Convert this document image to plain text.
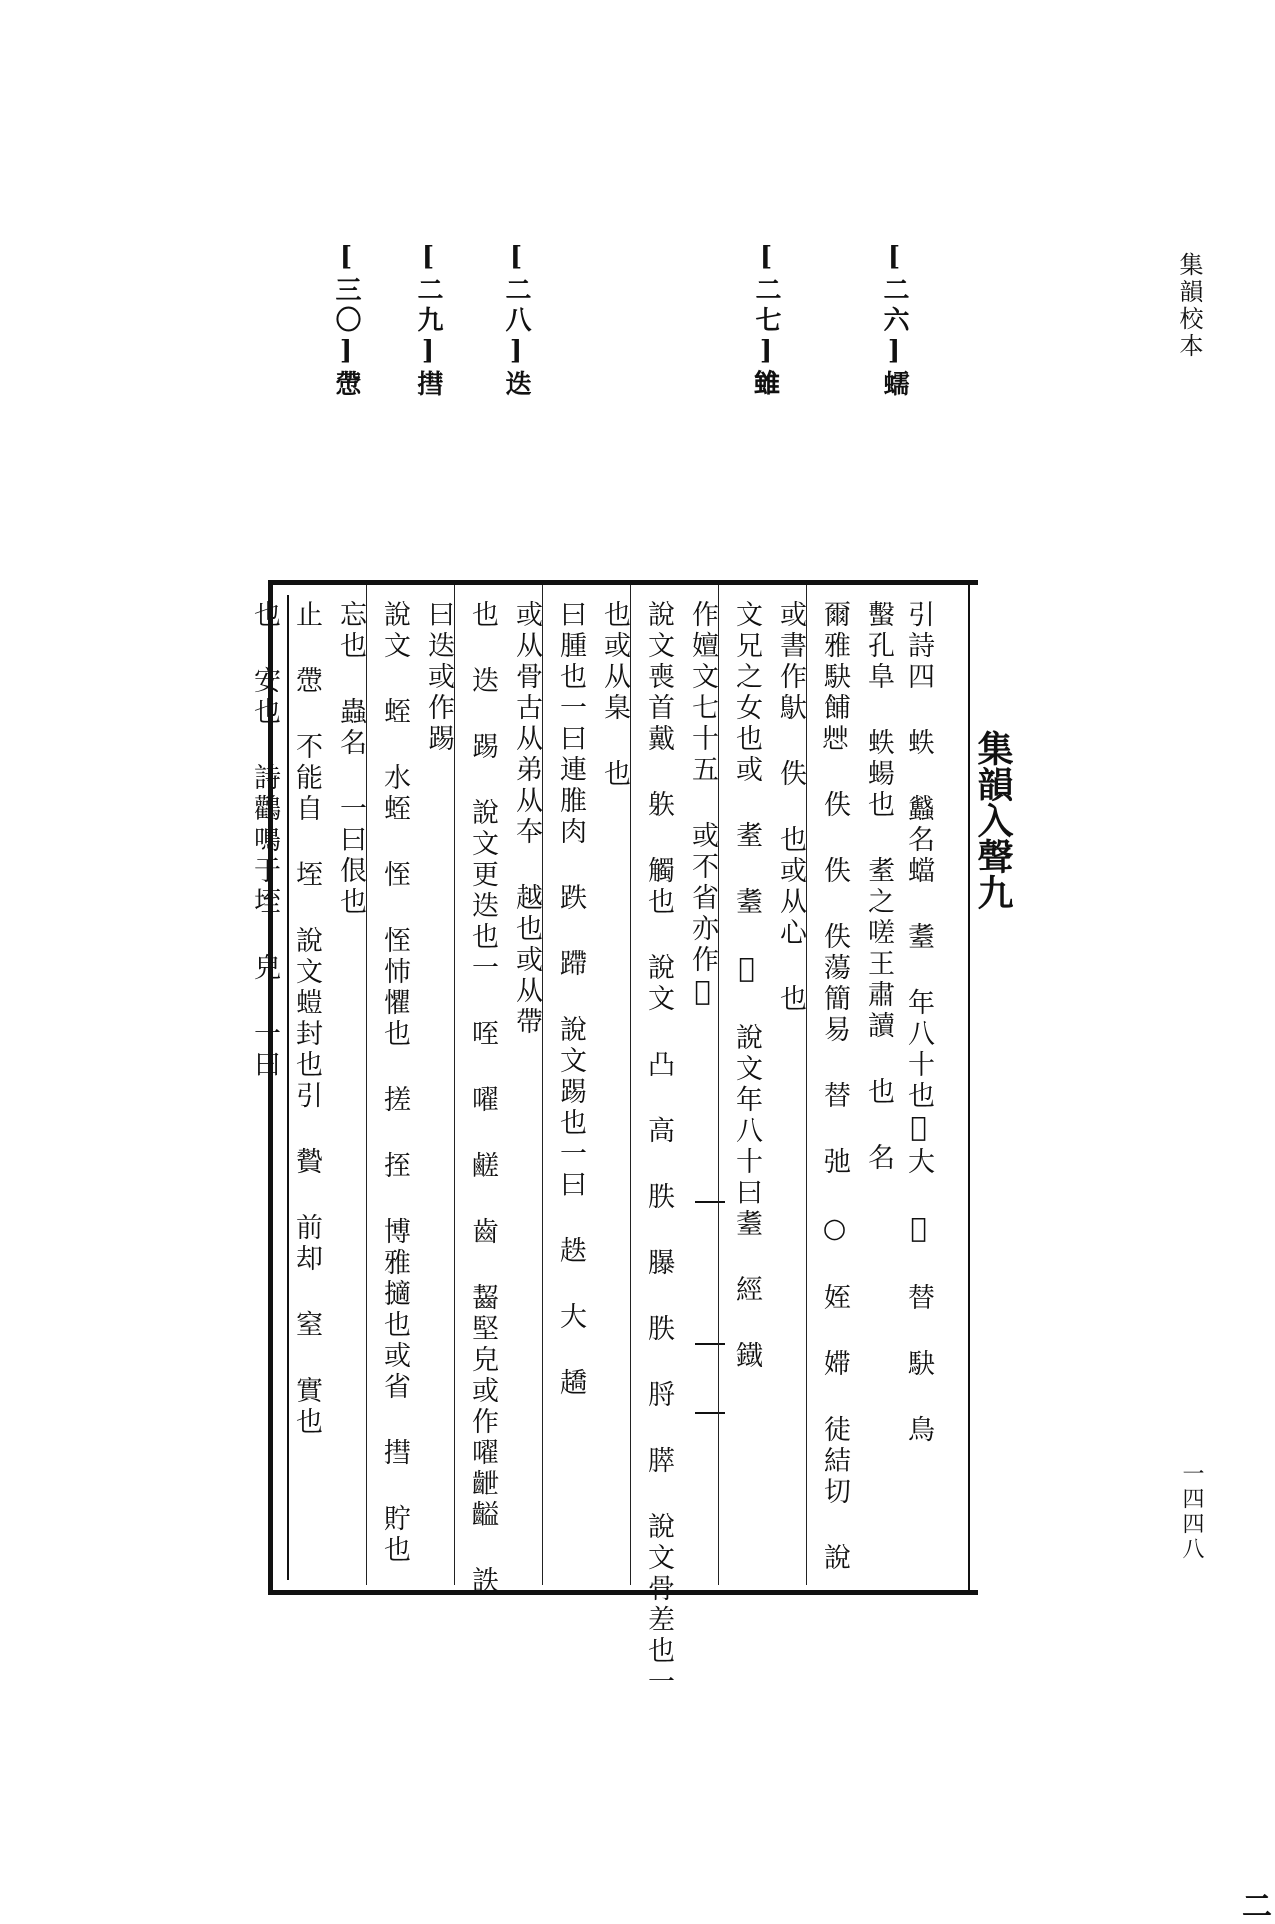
集韻校本
一四四八
[二六]蠕
[二七]𨿽
[二八]迭
[二九]㨹
[三〇]慸
集韻入聲九
二
引詩四 蛈 蠽名蟷 耋 年八十也𠤝大 𢧐 替 駃 鳥
蟿孔阜 蛈蝪也 耊之嗟王肅讀 也 名
爾雅駃餔𢘿 佚 佚 佚蕩簡易 替 弛 ○ 姪 㛿 徒結切 說
或書作䲦 佚 也或从心 也
文兄之女也或 耊 耋 𢧐 說文年八十曰耋 經 鐡
作嬗文七十五 或不省亦作𢧐
說文喪首戴 䠶 觸也 說文 凸 高 胅 𦢊 胅 脟 膵 說文骨差也一
也或从臬 也
曰腫也一曰連脽肉 跌 蹛 說文踢也一曰 趃 大 趫
或从骨古从弟从夲 越也或从帶
也 迭 踢 說文更迭也一 咥 嚁 鹺 齒 齧堅皃或作嚁齛齸 詄
曰迭或作踢
說文 蛭 水蛭 恎 恎㤄懼也 搓 挃 博雅擿也或省 㨹 貯也
忘也 蟲名 一曰佷也
止 慸 不能自 垤 說文螘封也引 䞇 前却 窒 實也
也 安也 詩鸛鳴于垤 皃 一曰
